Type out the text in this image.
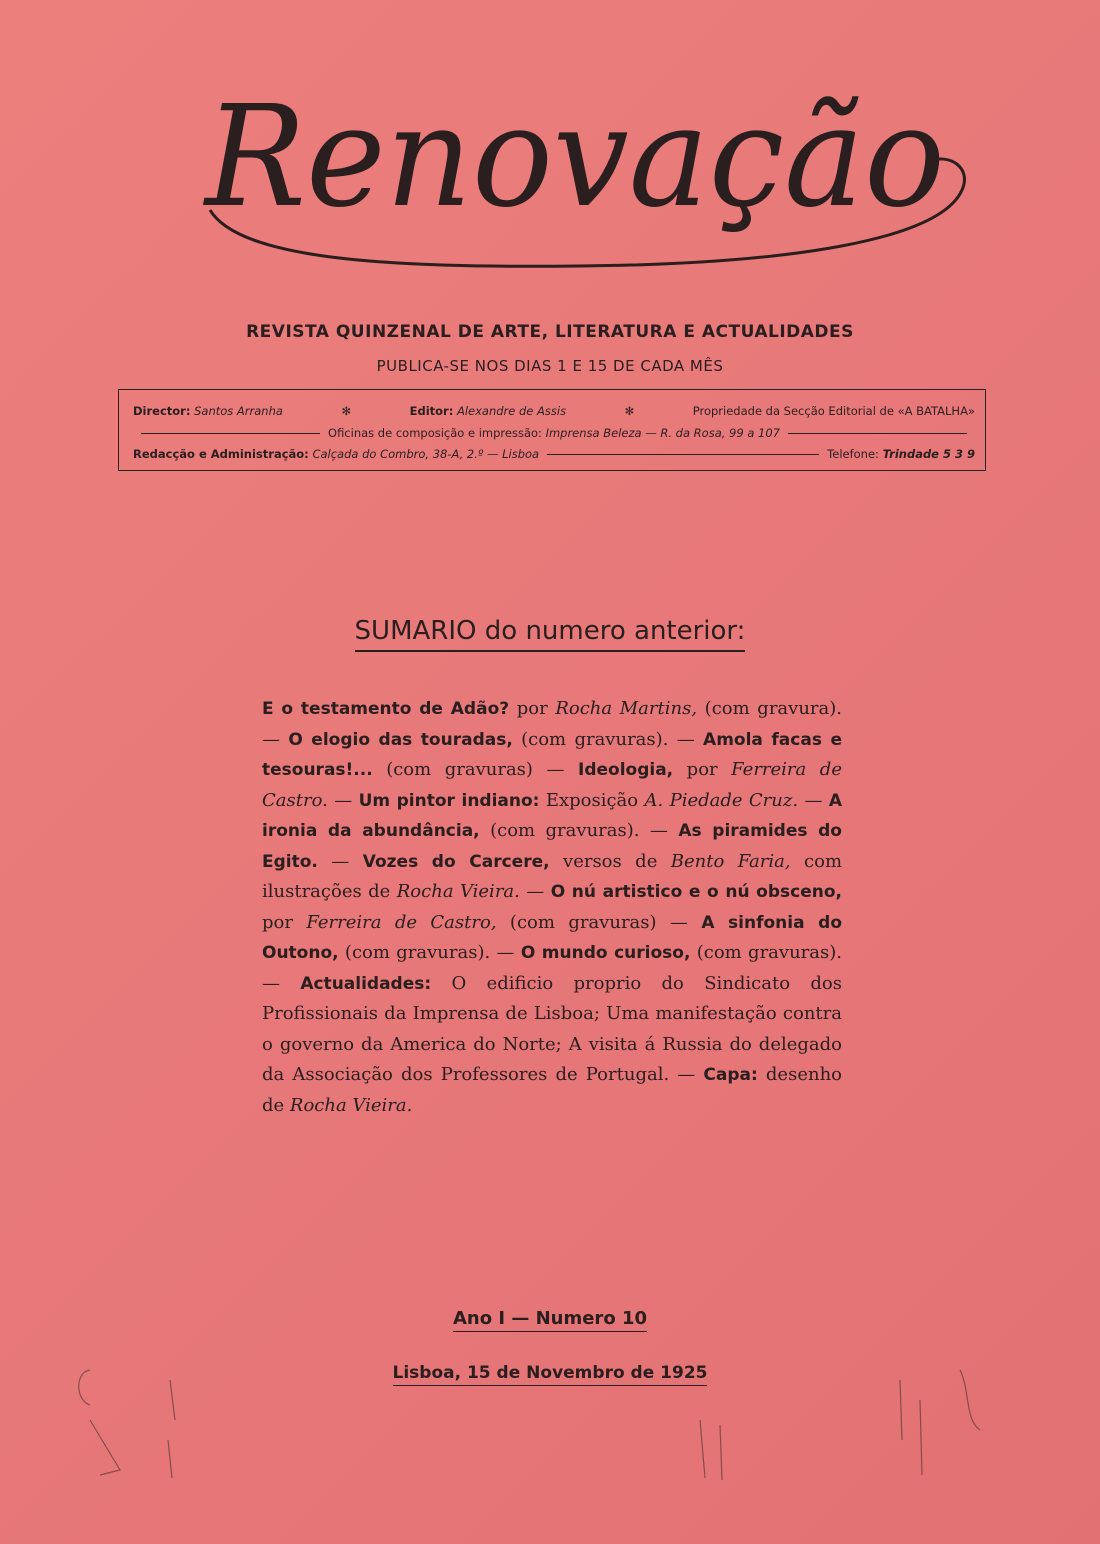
Renovação
REVISTA QUINZENAL DE ARTE, LITERATURA E ACTUALIDADES
PUBLICA-SE NOS DIAS 1 E 15 DE CADA MÊS
Director: Santos Arranha	✻	Editor: Alexandre de Assis	✻	Propriedade da Secção Editorial de «A BATALHA»
Oficinas de composição e impressão:
Imprensa Beleza — R. da Rosa, 99 a 107
Redacção e Administração:
Calçada do Combro, 38-A, 2.º — Lisboa	Telefone:
Trindade 5 3 9
SUMARIO do numero anterior:
E o testamento de Adão? por Rocha Martins, (com gravura). — O elogio das touradas, (com gravuras). — Amola facas e tesouras!... (com gravuras) — Ideologia, por Ferreira de Castro. — Um pintor indiano: Exposição A. Piedade Cruz. — A ironia da abundância, (com gravuras). — As piramides do Egito. — Vozes do Carcere, versos de Bento Faria, com ilustrações de Rocha Vieira. — O nú artistico e o nú obsceno, por Ferreira de Castro, (com gravuras) — A sinfonia do Outono, (com gravuras). — O mundo curioso, (com gravuras). — Actualidades: O edificio proprio do Sindicato dos Profissionais da Imprensa de Lisboa; Uma manifestação contra o governo da America do Norte; A visita á Russia do delegado da Associação dos Professores de Portugal. — Capa: desenho de Rocha Vieira.
Ano I — Numero 10
Lisboa, 15 de Novembro de 1925
